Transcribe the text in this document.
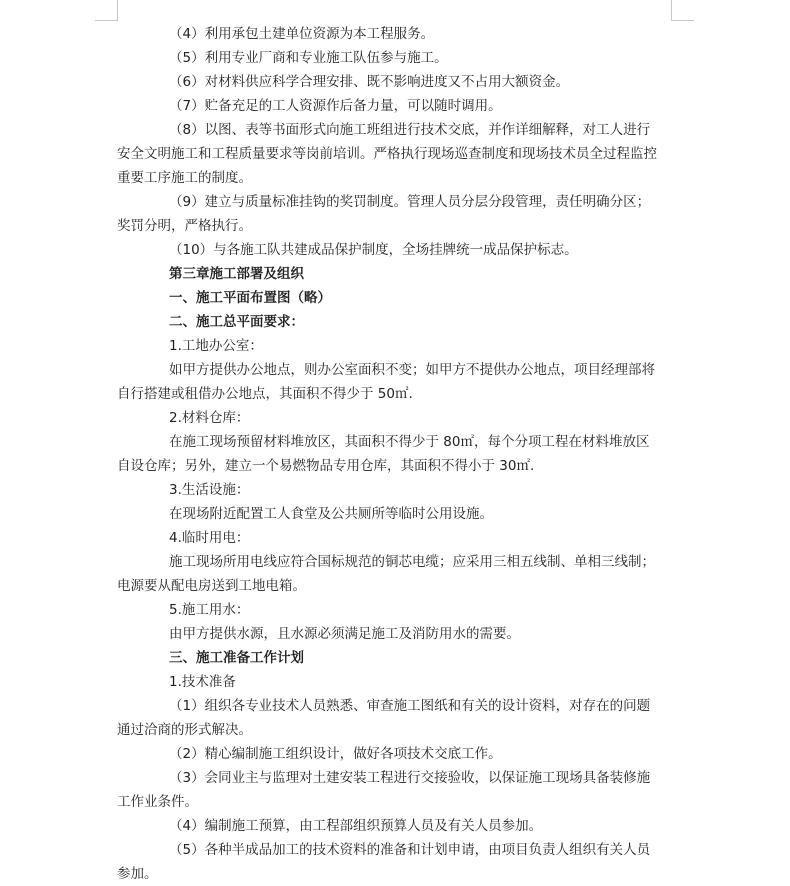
（4）利用承包土建单位资源为本工程服务。
（5）利用专业厂商和专业施工队伍参与施工。
（6）对材料供应科学合理安排、既不影响进度又不占用大额资金。
（7）贮备充足的工人资源作后备力量，可以随时调用。
（8）以图、表等书面形式向施工班组进行技术交底，并作详细解释，对工人进行
安全文明施工和工程质量要求等岗前培训。严格执行现场巡查制度和现场技术员全过程监控
重要工序施工的制度。
（9）建立与质量标准挂钩的奖罚制度。管理人员分层分段管理，责任明确分区；
奖罚分明，严格执行。
（10）与各施工队共建成品保护制度，全场挂牌统一成品保护标志。
第三章施工部署及组织
一、施工平面布置图（略）
二、施工总平面要求：
1.工地办公室：
如甲方提供办公地点，则办公室面积不变；如甲方不提供办公地点，项目经理部将
自行搭建或租借办公地点，其面积不得少于 50㎡.
2.材料仓库：
在施工现场预留材料堆放区，其面积不得少于 80㎡，每个分项工程在材料堆放区
自设仓库；另外，建立一个易燃物品专用仓库，其面积不得小于 30㎡.
3.生活设施：
在现场附近配置工人食堂及公共厕所等临时公用设施。
4.临时用电：
施工现场所用电线应符合国标规范的铜芯电缆；应采用三相五线制、单相三线制；
电源要从配电房送到工地电箱。
5.施工用水：
由甲方提供水源，且水源必须满足施工及消防用水的需要。
三、施工准备工作计划
1.技术准备
（1）组织各专业技术人员熟悉、审查施工图纸和有关的设计资料，对存在的问题
通过洽商的形式解决。
（2）精心编制施工组织设计，做好各项技术交底工作。
（3）会同业主与监理对土建安装工程进行交接验收，以保证施工现场具备装修施
工作业条件。
（4）编制施工预算，由工程部组织预算人员及有关人员参加。
（5）各种半成品加工的技术资料的准备和计划申请，由项目负责人组织有关人员
参加。
